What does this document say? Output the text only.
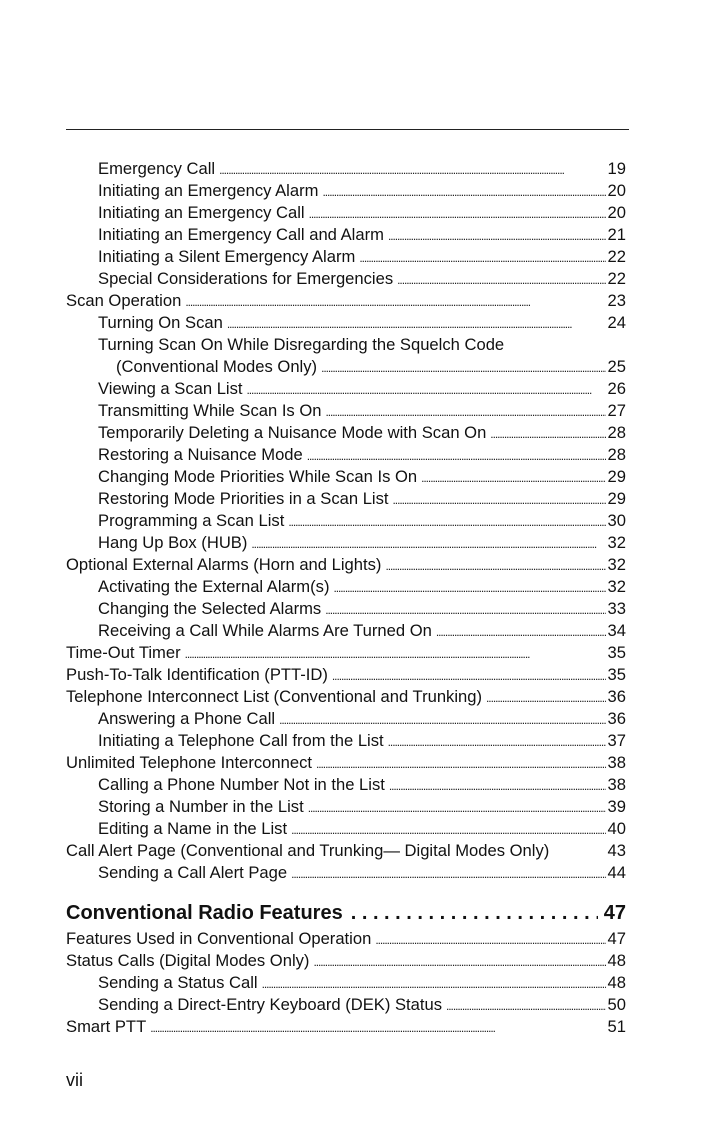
Emergency Call . . .	19
Initiating an Emergency Alarm . . .	20
Initiating an Emergency Call . . .	20
Initiating an Emergency Call and Alarm . . .	21
Initiating a Silent Emergency Alarm . . .	22
Special Considerations for Emergencies . . .	22
Scan Operation . . .	23
Turning On Scan . . .	24
Turning Scan On While Disregarding the Squelch Code
(Conventional Modes Only) . . .	25
Viewing a Scan List . . .	26
Transmitting While Scan Is On . . .	27
Temporarily Deleting a Nuisance Mode with Scan On . . .	28
Restoring a Nuisance Mode . . .	28
Changing Mode Priorities While Scan Is On . . .	29
Restoring Mode Priorities in a Scan List . . .	29
Programming a Scan List . . .	30
Hang Up Box (HUB) . . .	32
Optional External Alarms (Horn and Lights) . . .	32
Activating the External Alarm(s) . . .	32
Changing the Selected Alarms . . .	33
Receiving a Call While Alarms Are Turned On . . .	34
Time-Out Timer . . .	35
Push-To-Talk Identification (PTT-ID) . . .	35
Telephone Interconnect List (Conventional and Trunking) . . .	36
Answering a Phone Call . . .	36
Initiating a Telephone Call from the List . . .	37
Unlimited Telephone Interconnect . . .	38
Calling a Phone Number Not in the List . . .	38
Storing a Number in the List . . .	39
Editing a Name in the List . . .	40
Call Alert Page (Conventional and Trunking— Digital Modes Only)	43
Sending a Call Alert Page . . .	44
Conventional Radio Features . . .	47
Features Used in Conventional Operation . . .	47
Status Calls (Digital Modes Only) . . .	48
Sending a Status Call . . .	48
Sending a Direct-Entry Keyboard (DEK) Status . . .	50
Smart PTT . . .	51
vii
